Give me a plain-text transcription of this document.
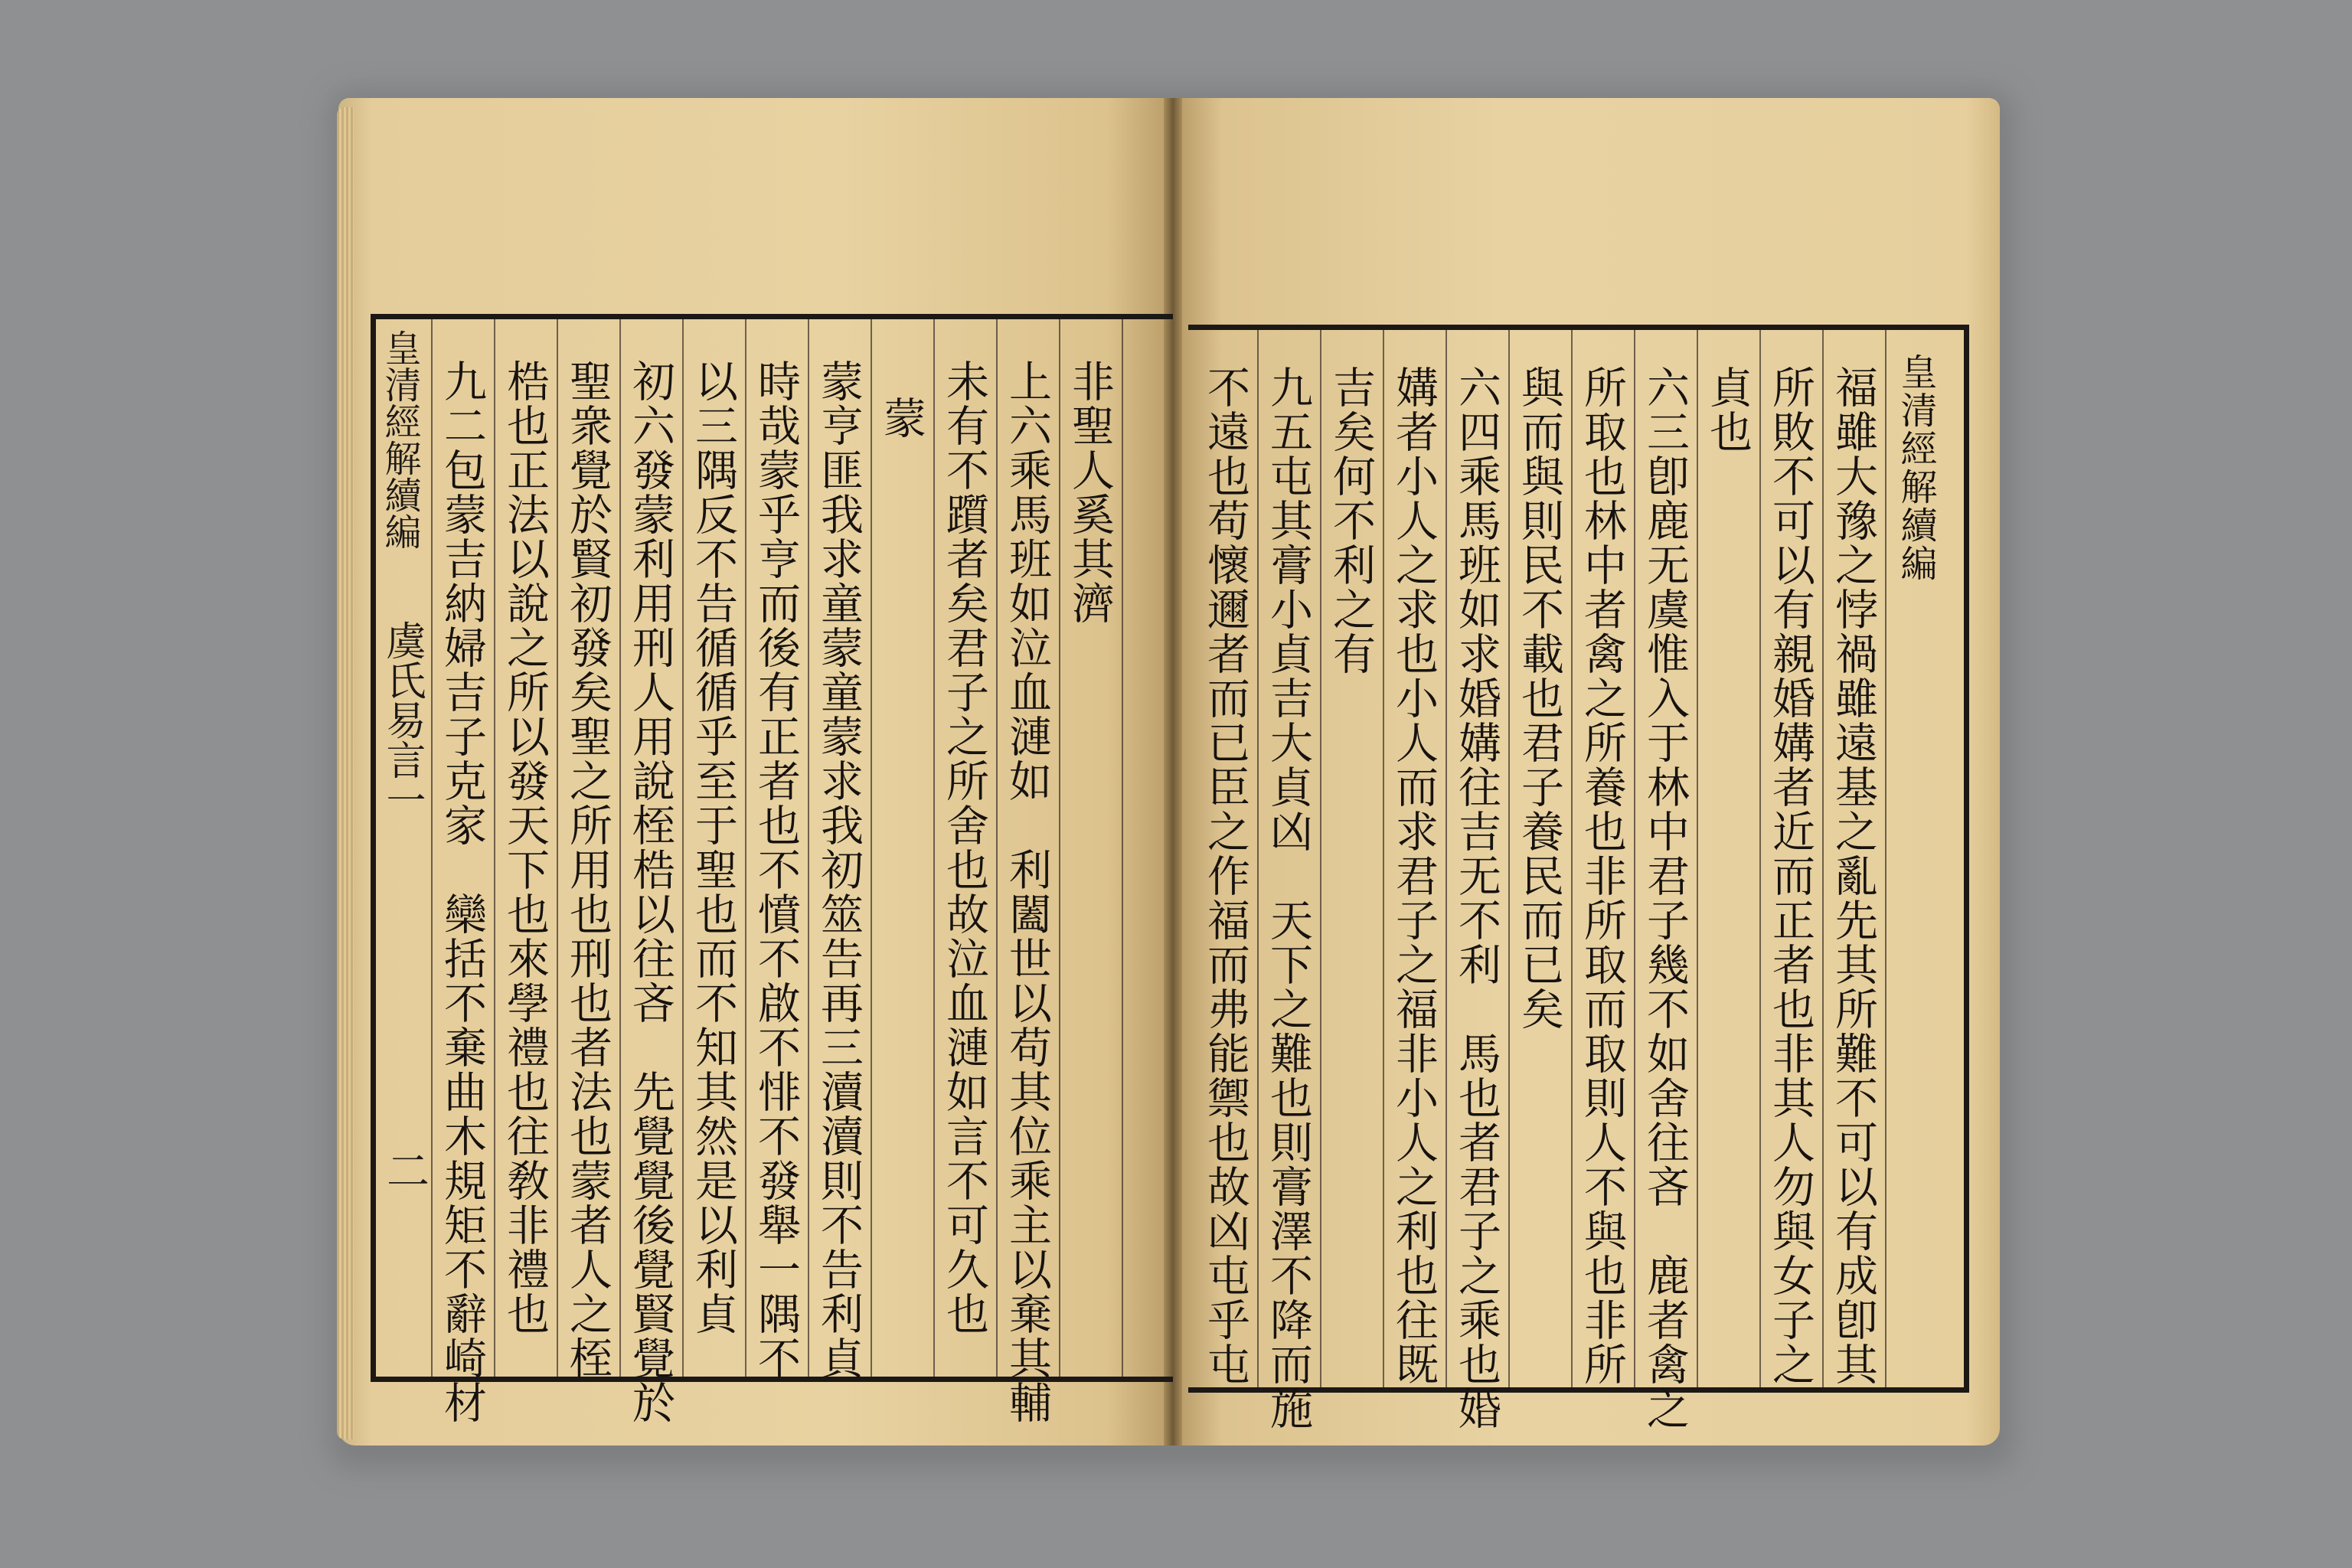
九二包蒙吉納婦吉子克家　欒括不棄曲木規矩不辭崎材 梏也正法以說之所以發天下也來學禮也往敎非禮也 聖衆覺於賢初發矣聖之所用也刑也者法也蒙者人之桎 初六發蒙利用刑人用說桎梏以往吝　先覺覺後覺賢覺於 以三隅反不告循循乎至于聖也而不知其然是以利貞 時哉蒙乎亨而後有正者也不憤不啟不悱不發舉一隅不 蒙亨匪我求童蒙童蒙求我初筮告再三瀆瀆則不告利貞 蒙 未有不躓者矣君子之所舍也故泣血漣如言不可久也 上六乘馬班如泣血漣如　利闔世以苟其位乘主以棄其輔 非聖人奚其濟
皇清經解續編
虞氏易言一
二	不遠也苟懷邇者而已臣之作福而弗能禦也故凶屯乎屯 九五屯其膏小貞吉大貞凶　天下之難也則膏澤不降而施 吉矣何不利之有 媾者小人之求也小人而求君子之福非小人之利也往既 六四乘馬班如求婚媾往吉无不利　馬也者君子之乘也婚 與而與則民不載也君子養民而已矣 所取也林中者禽之所養也非所取而取則人不與也非所 六三卽鹿无虞惟入于林中君子幾不如舍往吝　鹿者禽之 貞也 所敗不可以有親婚媾者近而正者也非其人勿與女子之 福雖大豫之悖禍雖遠基之亂先其所難不可以有成卽其 皇清經解續編
